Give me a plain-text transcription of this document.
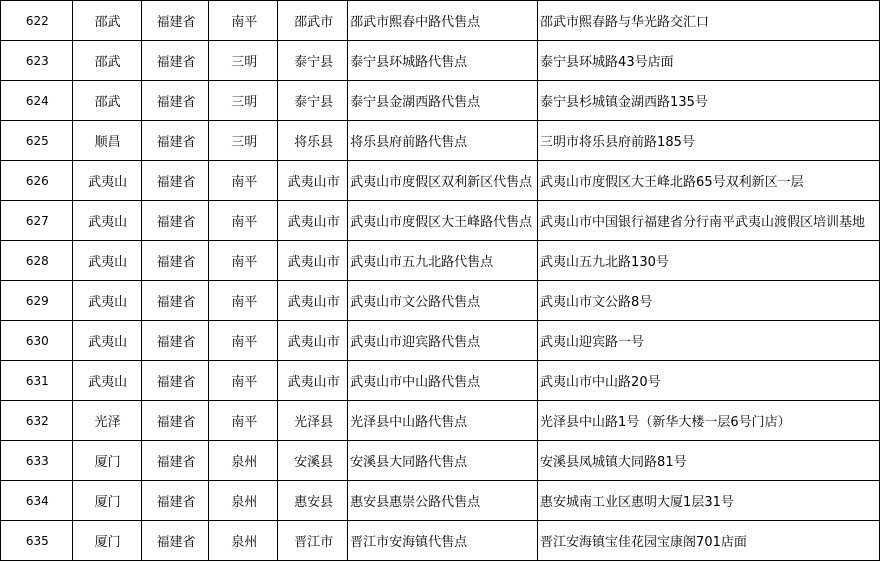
622	邵武	福建省	南平	邵武市	邵武市熙春中路代售点	邵武市熙春路与华光路交汇口
623	邵武	福建省	三明	泰宁县	泰宁县环城路代售点	泰宁县环城路43号店面
624	邵武	福建省	三明	泰宁县	泰宁县金湖西路代售点	泰宁县杉城镇金湖西路135号
625	顺昌	福建省	三明	将乐县	将乐县府前路代售点	三明市将乐县府前路185号
626	武夷山	福建省	南平	武夷山市	武夷山市度假区双利新区代售点	武夷山市度假区大王峰北路65号双利新区一层
627	武夷山	福建省	南平	武夷山市	武夷山市度假区大王峰路代售点	武夷山市中国银行福建省分行南平武夷山渡假区培训基地
628	武夷山	福建省	南平	武夷山市	武夷山市五九北路代售点	武夷山五九北路130号
629	武夷山	福建省	南平	武夷山市	武夷山市文公路代售点	武夷山市文公路8号
630	武夷山	福建省	南平	武夷山市	武夷山市迎宾路代售点	武夷山迎宾路一号
631	武夷山	福建省	南平	武夷山市	武夷山市中山路代售点	武夷山市中山路20号
632	光泽	福建省	南平	光泽县	光泽县中山路代售点	光泽县中山路1号（新华大楼一层6号门店）
633	厦门	福建省	泉州	安溪县	安溪县大同路代售点	安溪县凤城镇大同路81号
634	厦门	福建省	泉州	惠安县	惠安县惠崇公路代售点	惠安城南工业区惠明大厦1层31号
635	厦门	福建省	泉州	晋江市	晋江市安海镇代售点	晋江安海镇宝佳花园宝康阁701店面
